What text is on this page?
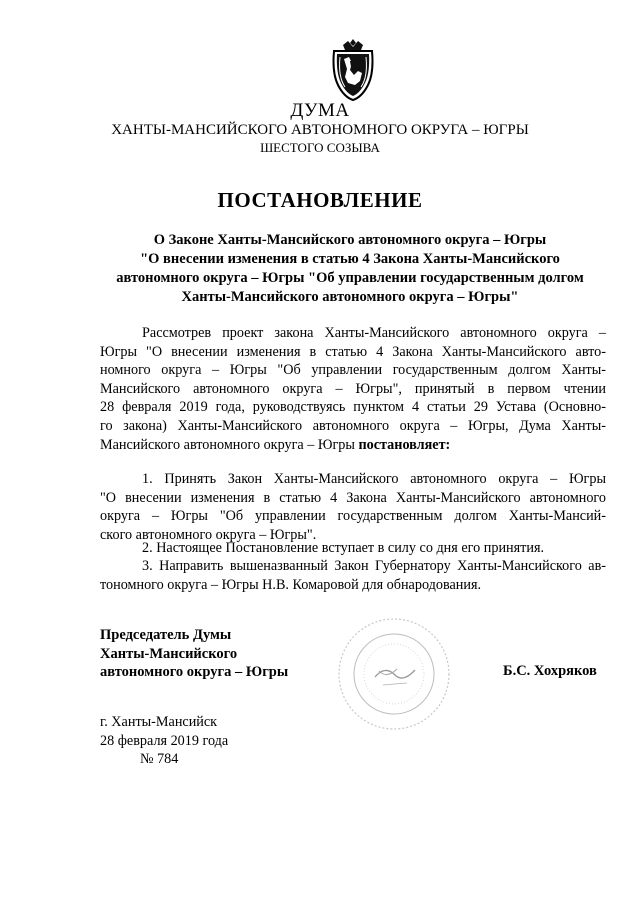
ДУМА
ХАНТЫ-МАНСИЙСКОГО АВТОНОМНОГО ОКРУГА – ЮГРЫ
ШЕСТОГО СОЗЫВА
ПОСТАНОВЛЕНИЕ
О Законе Ханты-Мансийского автономного округа – Югры
"О внесении изменения в статью 4 Закона Ханты-Мансийского
автономного округа – Югры "Об управлении государственным долгом
Ханты-Мансийского автономного округа – Югры"
Рассмотрев проект закона Ханты-Мансийского автономного округа –
Югры "О внесении изменения в статью 4 Закона Ханты-Мансийского авто-
номного округа – Югры "Об управлении государственным долгом Ханты-
Мансийского автономного округа – Югры", принятый в первом чтении
28 февраля 2019 года, руководствуясь пунктом 4 статьи 29 Устава (Основно-
го закона) Ханты-Мансийского автономного округа – Югры, Дума Ханты-
Мансийского автономного округа – Югры постановляет:
1. Принять Закон Ханты-Мансийского автономного округа – Югры
"О внесении изменения в статью 4 Закона Ханты-Мансийского автономного
округа – Югры "Об управлении государственным долгом Ханты-Мансий-
ского автономного округа – Югры".
2. Настоящее Постановление вступает в силу со дня его принятия.
3. Направить вышеназванный Закон Губернатору Ханты-Мансийского ав-
тономного округа – Югры Н.В. Комаровой для обнародования.
Председатель Думы
Ханты-Мансийского
автономного округа – Югры	Б.С. Хохряков
г. Ханты-Мансийск
28 февраля 2019 года
№ 784
